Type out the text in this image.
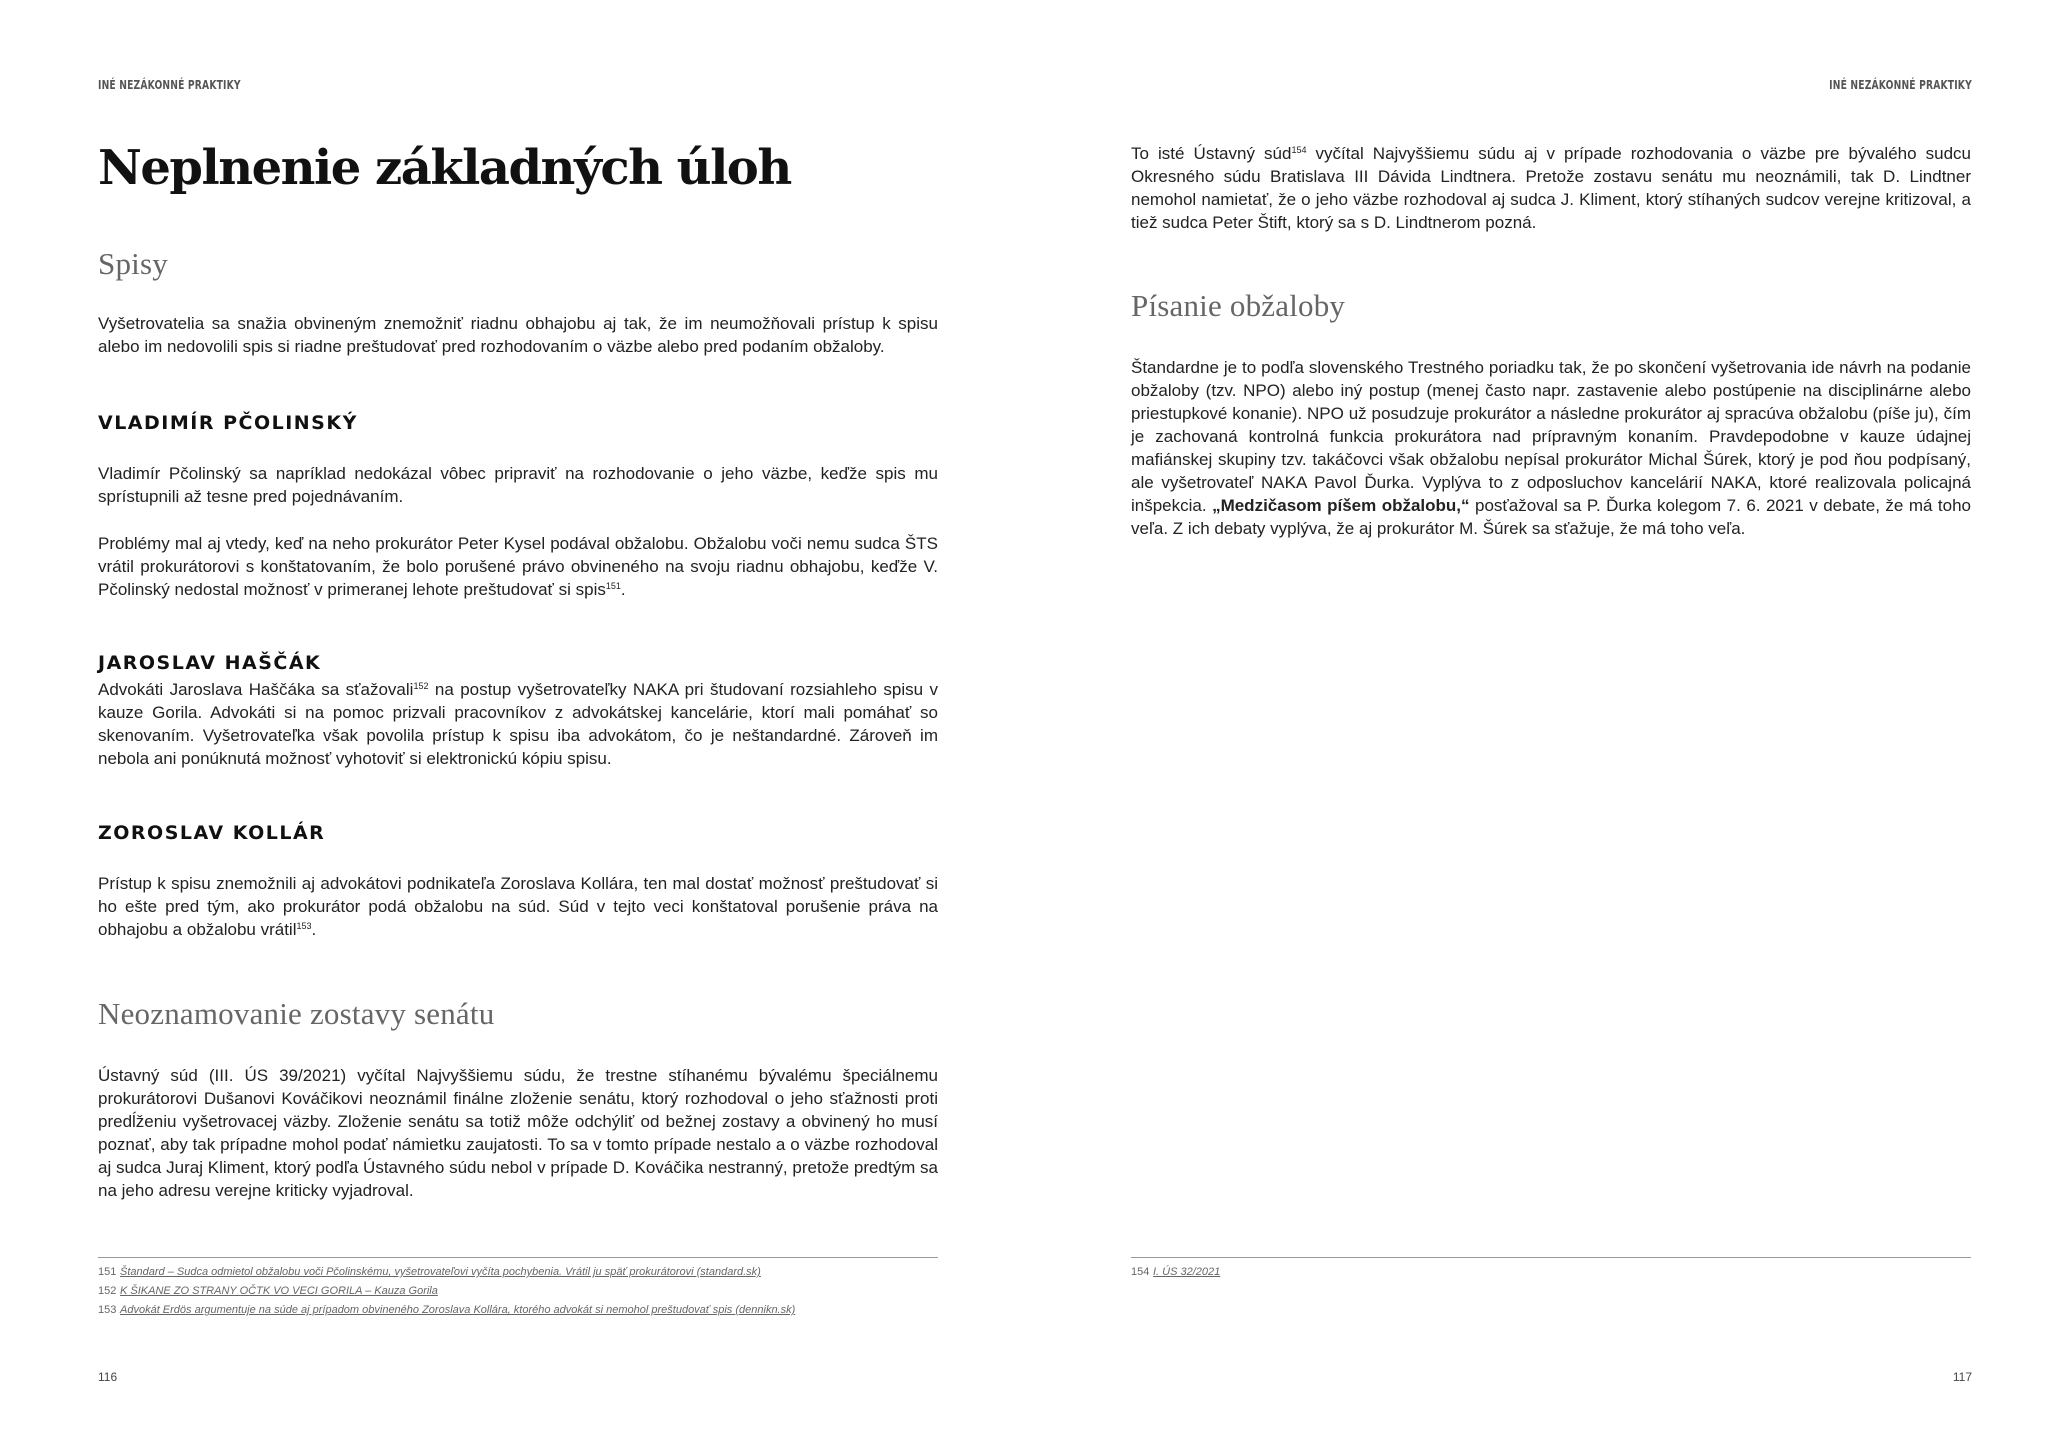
INÉ NEZÁKONNÉ PRAKTIKY	INÉ NEZÁKONNÉ PRAKTIKY
Neplnenie základných úloh
Spisy

Vyšetrovatelia sa snažia obvineným znemožniť riadnu obhajobu aj tak, že im neumožňovali prístup k spisu alebo im nedovolili spis si riadne preštudovať pred rozhodovaním o väzbe alebo pred podaním obžaloby.

VLADIMÍR PČOLINSKÝ

Vladimír Pčolinský sa napríklad nedokázal vôbec pripraviť na rozhodovanie o jeho väzbe, keďže spis mu sprístupnili až tesne pred pojednávaním.

Problémy mal aj vtedy, keď na neho prokurátor Peter Kysel podával obžalobu. Obžalobu voči nemu sudca ŠTS vrátil prokurátorovi s konštatovaním, že bolo porušené právo obvineného na svoju riadnu obhajobu, keďže V. Pčolinský nedostal možnosť v primeranej lehote preštudovať si spis$^{151}$.

JAROSLAV HAŠČÁK

Advokáti Jaroslava Haščáka sa sťažovali$^{152}$ na postup vyšetrovateľky NAKA pri študovaní rozsiahleho spisu v kauze Gorila. Advokáti si na pomoc prizvali pracovníkov z advokátskej kancelárie, ktorí mali pomáhať so skenovaním. Vyšetrovateľka však povolila prístup k spisu iba advokátom, čo je neštandardné. Zároveň im nebola ani ponúknutá možnosť vyhotoviť si elektronickú kópiu spisu.

ZOROSLAV KOLLÁR

Prístup k spisu znemožnili aj advokátovi podnikateľa Zoroslava Kollára, ten mal dostať možnosť preštudovať si ho ešte pred tým, ako prokurátor podá obžalobu na súd. Súd v tejto veci konštatoval porušenie práva na obhajobu a obžalobu vrátil$^{153}$.

Neoznamovanie zostavy senátu

Ústavný súd (III. ÚS 39/2021) vyčítal Najvyššiemu súdu, že trestne stíhanému bývalému špeciálnemu prokurátorovi Dušanovi Kováčikovi neoznámil finálne zloženie senátu, ktorý rozhodoval o jeho sťažnosti proti predĺženiu vyšetrovacej väzby. Zloženie senátu sa totiž môže odchýliť od bežnej zostavy a obvinený ho musí poznať, aby tak prípadne mohol podať námietku zaujatosti. To sa v tomto prípade nestalo a o väzbe rozhodoval aj sudca Juraj Kliment, ktorý podľa Ústavného súdu nebol v prípade D. Kováčika nestranný, pretože predtým sa na jeho adresu verejne kriticky vyjadroval.

151 Štandard – Sudca odmietol obžalobu voči Pčolinskému, vyšetrovateľovi vyčíta pochybenia. Vrátil ju späť prokurátorovi (standard.sk)
152 K ŠIKANE ZO STRANY OČTK VO VECI GORILA – Kauza Gorila
153 Advokát Erdös argumentuje na súde aj prípadom obvineného Zoroslava Kollára, ktorého advokát si nemohol preštudovať spis (dennikn.sk)
116

To isté Ústavný súd$^{154}$ vyčítal Najvyššiemu súdu aj v prípade rozhodovania o väzbe pre bývalého sudcu Okresného súdu Bratislava III Dávida Lindtnera. Pretože zostavu senátu mu neoznámili, tak D. Lindtner nemohol namietať, že o jeho väzbe rozhodoval aj sudca J. Kliment, ktorý stíhaných sudcov verejne kritizoval, a tiež sudca Peter Štift, ktorý sa s D. Lindtnerom pozná.

Písanie obžaloby

Štandardne je to podľa slovenského Trestného poriadku tak, že po skončení vyšetrovania ide návrh na podanie obžaloby (tzv. NPO) alebo iný postup (menej často napr. zastavenie alebo postúpenie na disciplinárne alebo priestupkové konanie). NPO už posudzuje prokurátor a následne prokurátor aj spracúva obžalobu (píše ju), čím je zachovaná kontrolná funkcia prokurátora nad prípravným konaním. Pravdepodobne v kauze údajnej mafiánskej skupiny tzv. takáčovci však obžalobu nepísal prokurátor Michal Šúrek, ktorý je pod ňou podpísaný, ale vyšetrovateľ NAKA Pavol Ďurka. Vyplýva to z odposluchov kancelárií NAKA, ktoré realizovala policajná inšpekcia. „Medzičasom píšem obžalobu,“ posťažoval sa P. Ďurka kolegom 7. 6. 2021 v debate, že má toho veľa. Z ich debaty vyplýva, že aj prokurátor M. Šúrek sa sťažuje, že má toho veľa.

154 I. ÚS 32/2021
117
